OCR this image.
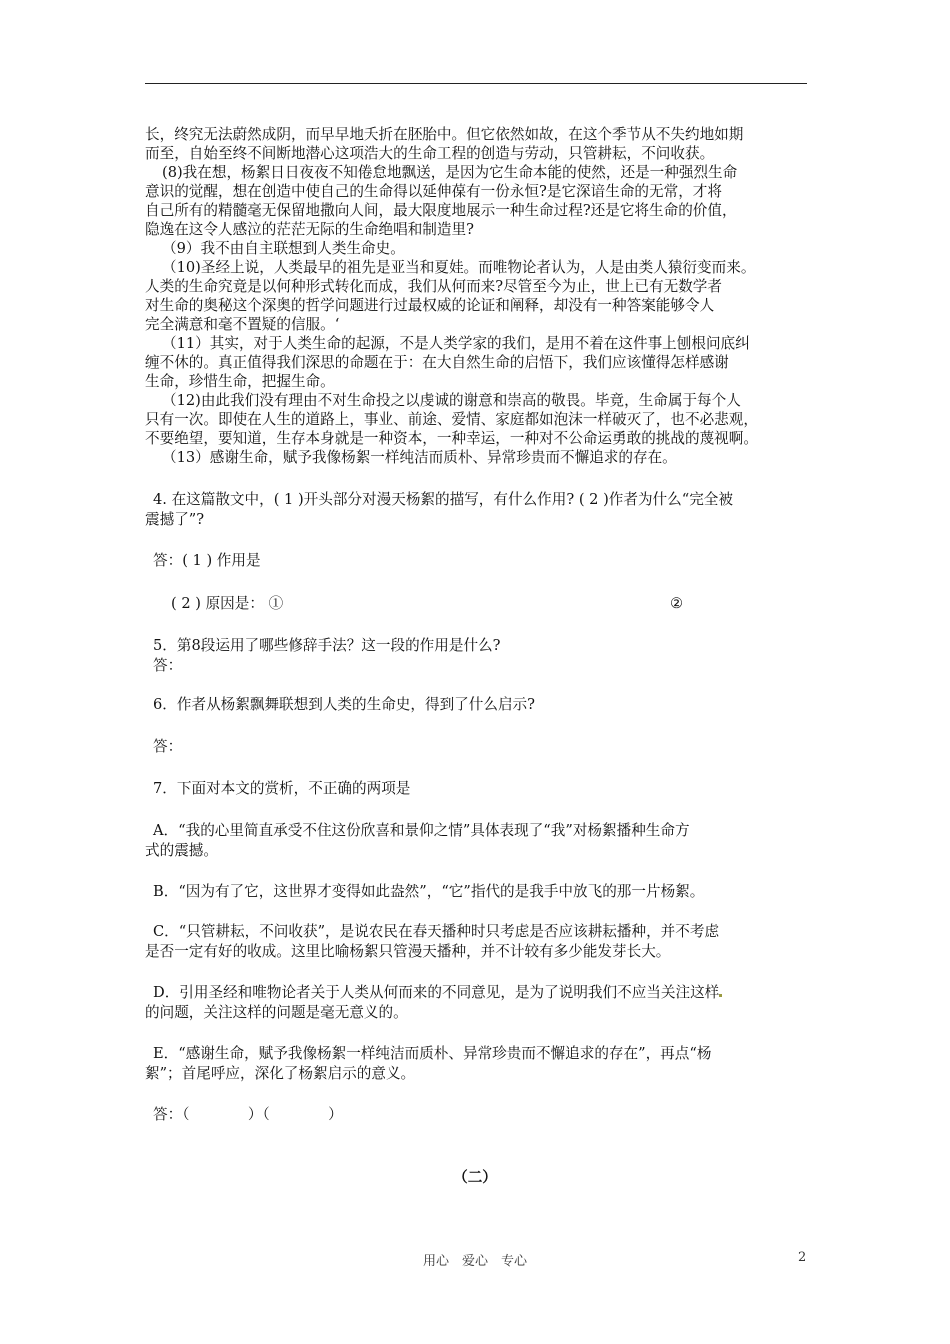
长，终究无法蔚然成阴，而早早地夭折在胚胎中。但它依然如故，在这个季节从不失约地如期

而至，自始至终不间断地潜心这项浩大的生命工程的创造与劳动，只管耕耘，不问收获。

(8)我在想，杨絮日日夜夜不知倦怠地飘送，是因为它生命本能的使然，还是一种强烈生命

意识的觉醒，想在创造中使自己的生命得以延伸葆有一份永恒?是它深谙生命的无常，才将

自己所有的精髓毫无保留地撒向人间，最大限度地展示一种生命过程?还是它将生命的价值，

隐逸在这令人感泣的茫茫无际的生命绝唱和制造里?

（9）我不由自主联想到人类生命史。

（10)圣经上说，人类最早的祖先是亚当和夏娃。而唯物论者认为，人是由类人猿衍变而来。

人类的生命究竟是以何种形式转化而成，我们从何而来?尽管至今为止，世上已有无数学者

对生命的奥秘这个深奥的哲学问题进行过最权威的论证和阐释，却没有一种答案能够令人

完全满意和毫不置疑的信服。‘

（11）其实，对于人类生命的起源，不是人类学家的我们，是用不着在这件事上刨根问底纠

缠不休的。真正值得我们深思的命题在于：在大自然生命的启悟下，我们应该懂得怎样感谢

生命，珍惜生命，把握生命。

（12)由此我们没有理由不对生命投之以虔诚的谢意和崇高的敬畏。毕竟，生命属于每个人

只有一次。即使在人生的道路上，事业、前途、爱情、家庭都如泡沫一样破灭了，也不必悲观，

不要绝望，要知道，生存本身就是一种资本，一种幸运，一种对不公命运勇敢的挑战的蔑视啊。

（13）感谢生命，赋予我像杨絮一样纯洁而质朴、异常珍贵而不懈追求的存在。

4. 在这篇散文中，( 1 )开头部分对漫天杨絮的描写，有什么作用? ( 2 )作者为什么“完全被

震撼了”?

答：( 1 ) 作用是

( 2 ) 原因是： ①	②

5．第8段运用了哪些修辞手法？这一段的作用是什么?

答：

6．作者从杨絮飘舞联想到人类的生命史，得到了什么启示?

答：

7．下面对本文的赏析，不正确的两项是

A．“我的心里简直承受不住这份欣喜和景仰之情”具体表现了“我”对杨絮播种生命方

式的震撼。

B．“因为有了它，这世界才变得如此盎然”，“它”指代的是我手中放飞的那一片杨絮。

C．“只管耕耘，不问收获”，是说农民在春天播种时只考虑是否应该耕耘播种，并不考虑

是否一定有好的收成。这里比喻杨絮只管漫天播种，并不计较有多少能发芽长大。

D．引用圣经和唯物论者关于人类从何而来的不同意见，是为了说明我们不应当关注这样

的问题，关注这样的问题是毫无意义的。

E．“感谢生命，赋予我像杨絮一样纯洁而质朴、异常珍贵而不懈追求的存在”，再点“杨

絮”；首尾呼应，深化了杨絮启示的意义。

答：（　　　　）（　　　　）

（二）
用心　爱心　专心	2
